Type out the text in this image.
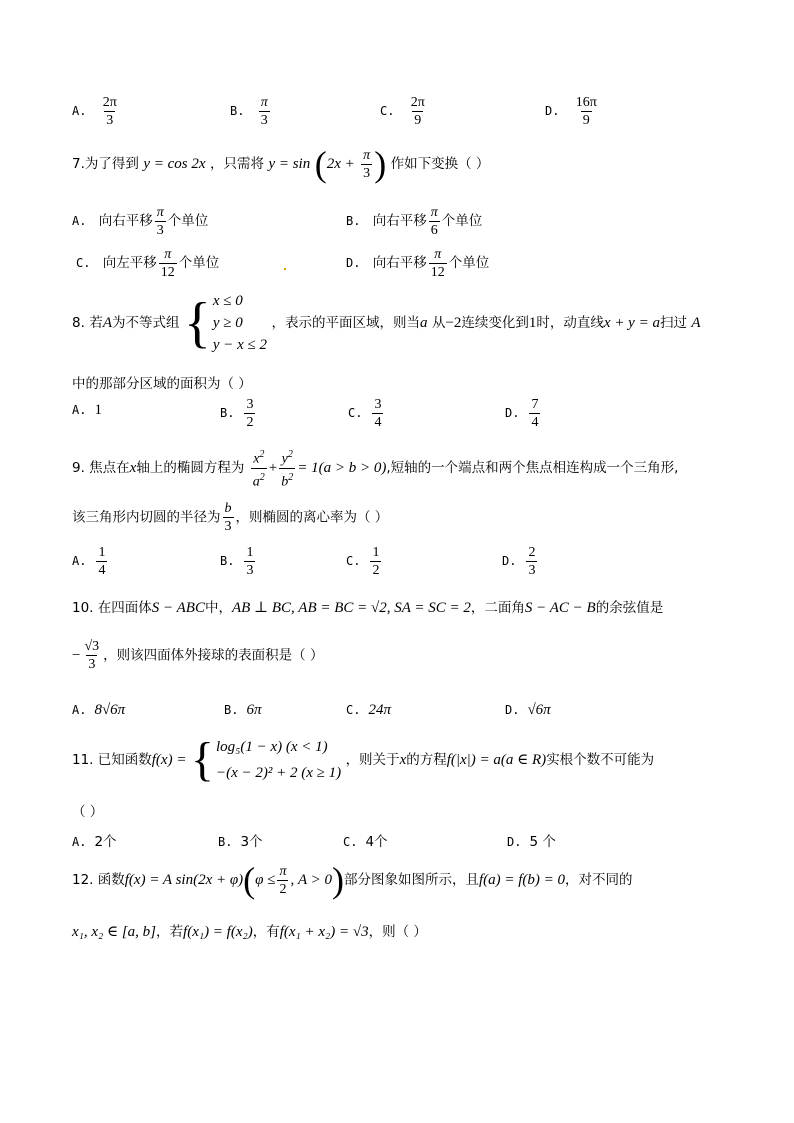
A. $\frac{2\pi}{3}$	B. $\frac{\pi}{3}$	C. $\frac{2\pi}{9}$	D. $\frac{16\pi}{9}$
7.为了得到 y = cos 2x ，只需将 $y = \sin (2x + \frac{\pi}{3}$ ) 作如下变换（ ）
A. 向右平移 $\frac{\pi}{3}$ 个单位	B. 向右平移 $\frac{\pi}{6}$ 个单位
C. 向左平移 $\frac{\pi}{12}$ 个单位	D. 向右平移 $\frac{\pi}{12}$ 个单位
8. 若A为不等式组 { x ≤ 0
y ≥ 0
y − x ≤ 2
，表示的平面区域，则当a 从−2连续变化到1时，动直线x + y = a扫过 A
中的那部分区域的面积为（ ）
A. 1	B. $\frac{3}{2}$	C. $\frac{3}{4}$	D. $\frac{7}{4}$
9. 焦点在x轴上的椭圆方程为 $\frac{x^2}{a^2} + \frac{y^2}{b^2} = 1(a > b > 0)$,短轴的一个端点和两个焦点相连构成一个三角形,
该三角形内切圆的半径为 $\frac{b}{3}$ ，则椭圆的离心率为（ ）
A. $\frac{1}{4}$	B. $\frac{1}{3}$	C. $\frac{1}{2}$	D. $\frac{2}{3}$
10. 在四面体S − ABC中，AB ⊥ BC, AB = BC = √2, SA = SC = 2，二面角S − AC − B的余弦值是
− $\frac{√3}{3}$ ，则该四面体外接球的表面积是（ ）
A. 8√6π	B. 6π	C. 24π	D. √6π
11. 已知函数f(x) = { log₅(1 − x) (x < 1)
−(x − 2)² + 2 (x ≥ 1)
，则关于x的方程f(|x|) = a(a ∈ R)实根个数不可能为
（ ）
A. 2个	B. 3个	C. 4个	D. 5 个
12. 函数f(x) = A $\sin(2x + \varphi)(\varphi \le \frac{\pi}{2}$ , A > 0)部分图象如图所示，且f(a) = f(b) = 0，对不同的
x₁, x₂ ∈ [a, b]，若f(x₁) = f(x₂)，有f(x₁ + x₂) = √3，则（ ）
